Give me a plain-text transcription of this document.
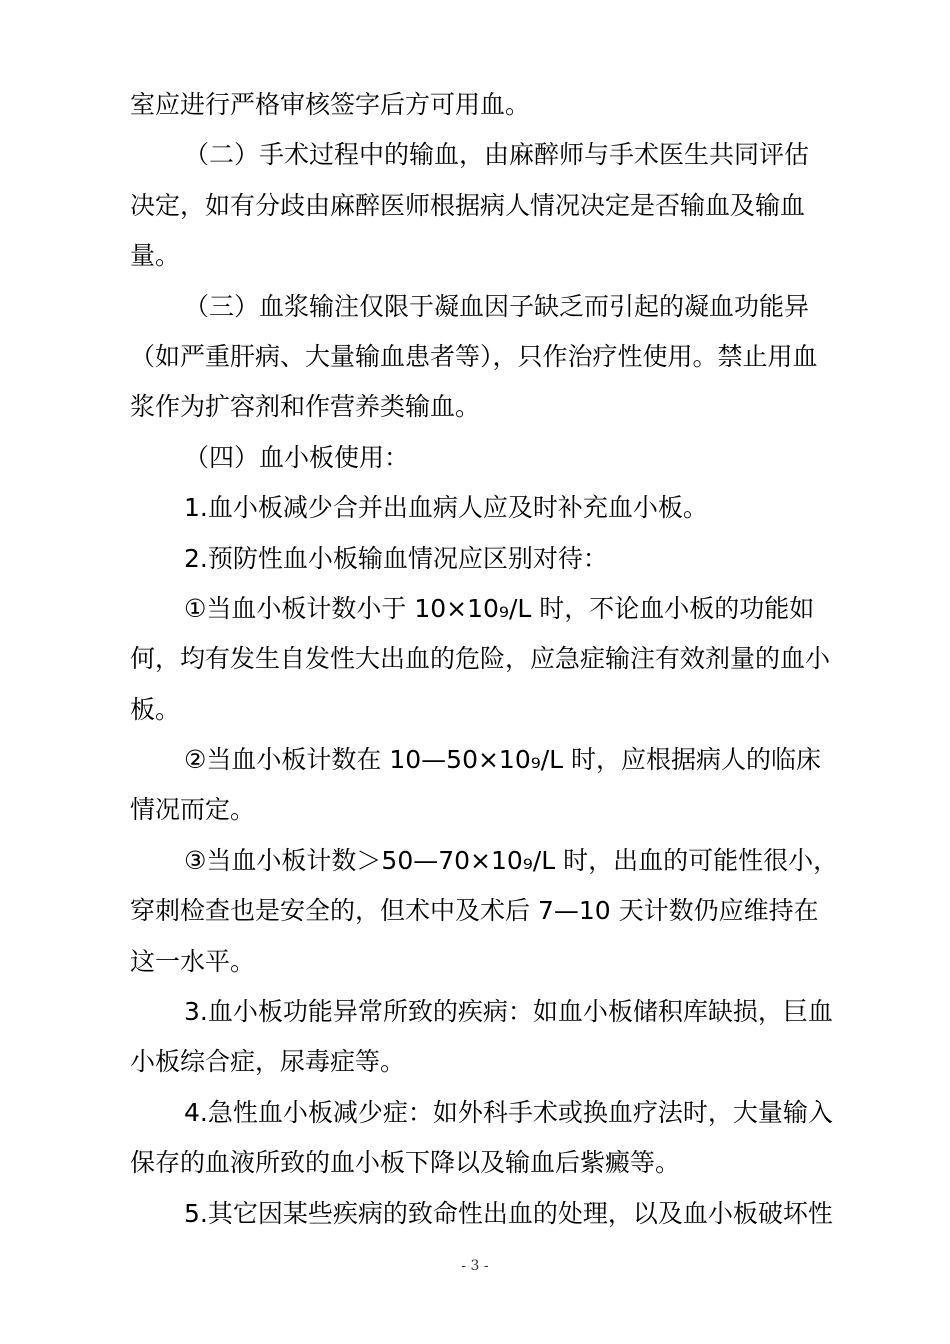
室应进行严格审核签字后方可用血。
（二）手术过程中的输血，由麻醉师与手术医生共同评估
决定，如有分歧由麻醉医师根据病人情况决定是否输血及输血
量。
（三）血浆输注仅限于凝血因子缺乏而引起的凝血功能异
（如严重肝病、大量输血患者等），只作治疗性使用。禁止用血
浆作为扩容剂和作营养类输血。
（四）血小板使用：
1.血小板减少合并出血病人应及时补充血小板。
2.预防性血小板输血情况应区别对待：
①当血小板计数小于 10×10₉/L 时，不论血小板的功能如
何，均有发生自发性大出血的危险，应急症输注有效剂量的血小
板。
②当血小板计数在 10—50×10₉/L 时，应根据病人的临床
情况而定。
③当血小板计数＞50—70×10₉/L 时，出血的可能性很小，
穿刺检查也是安全的，但术中及术后 7—10 天计数仍应维持在
这一水平。
3.血小板功能异常所致的疾病：如血小板储积库缺损，巨血
小板综合症，尿毒症等。
4.急性血小板减少症：如外科手术或换血疗法时，大量输入
保存的血液所致的血小板下降以及输血后紫癜等。
5.其它因某些疾病的致命性出血的处理，以及血小板破坏性
- 3 -
